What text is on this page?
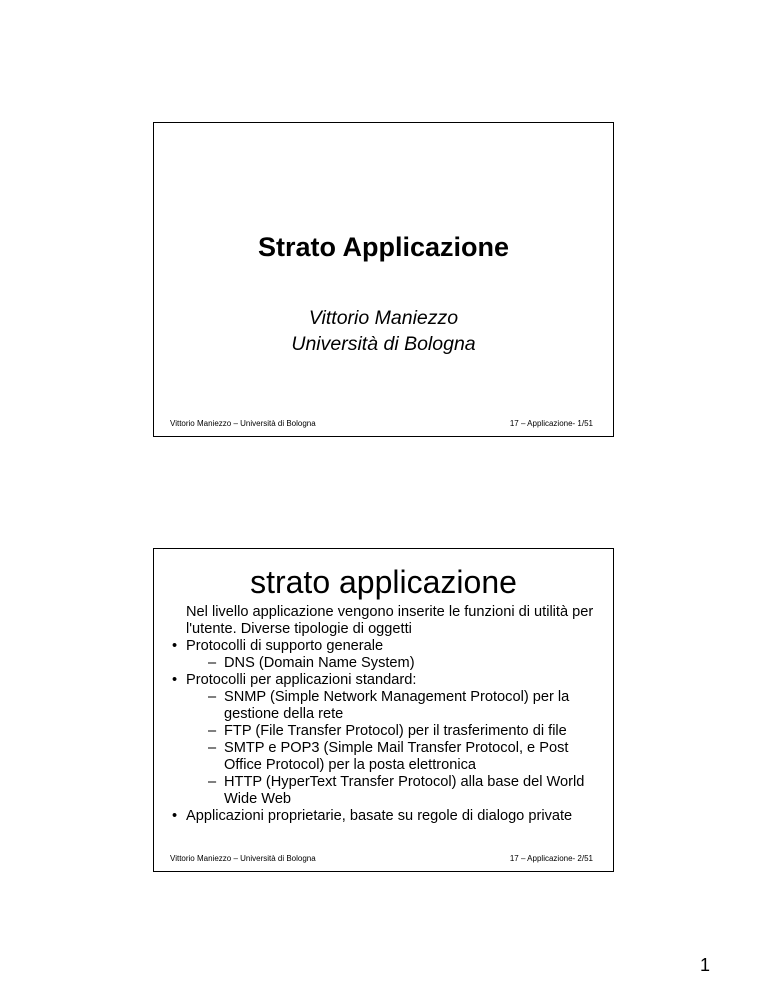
Strato Applicazione
Vittorio Maniezzo
Università di Bologna
Vittorio Maniezzo – Università di Bologna	17 – Applicazione- 1/51
strato applicazione

Nel livello applicazione vengono inserite le funzioni di utilità per l'utente. Diverse tipologie di oggetti

• Protocolli di supporto generale

– DNS (Domain Name System)

• Protocolli per applicazioni standard:

– SNMP (Simple Network Management Protocol) per la gestione della rete
– FTP (File Transfer Protocol) per il trasferimento di file
– SMTP e POP3 (Simple Mail Transfer Protocol, e Post Office Protocol) per la posta elettronica
– HTTP (HyperText Transfer Protocol) alla base del World Wide Web

• Applicazioni proprietarie, basate su regole di dialogo private

Vittorio Maniezzo – Università di Bologna	17 – Applicazione- 2/51
1
